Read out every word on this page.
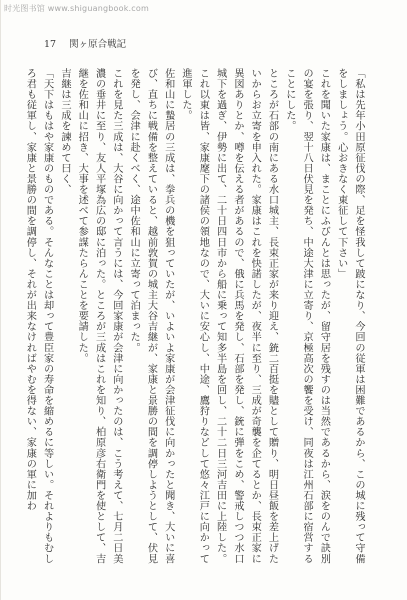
时光图书馆 www.shiguangbook.com
17 関ヶ原合戦記

「私は先年小田原征伐の際、足を怪我して跛になり、今回の従軍は困難であるから、この城に残って守備をしましょう。心おきなく東征して下さい」

これを聞いた家康は、まことにふびんとは思ったが、留守居を残すのは当然であるから、涙をのんで訣別の宴を張り、翌十八日伏見を発ち、中途大津に立寄り、京極高次の饗を受け、同夜は江州石部に宿営することにした。

ところが石部の南にある水口城主、長束正家が来り迎え、銃二百挺を贐として贈り、明日昼飯を差上げたいからお立寄を申入れた。家康はこれを快諾したが、夜半に至り、三成が奇襲を企てるとか、長束正家に異図ありとか、噂を伝える者があるので、俄に兵馬を発し、石部を発し、銃に弾をこめ、警戒しつつ水口城下を過ぎ、伊勢に出て、二十日四日市から船に乗って知多半島を回し、二十二日三河吉田に上陸した。これ以東は皆、家康麾下の諸侯の領地なので、大いに安心し、中途、鷹狩りなどして悠々江戸に向かって進軍した。

佐和山に蟄居の三成は、拳兵の機を狙っていたが、いよいよ家康が会津征伐に向かったと聞き、大いに喜び、直ちに戦備を整えていると、越前敦賀の城主大谷吉継が、家康と景勝の間を調停しようとして、伏見を発し、会津に赴くべく、途中佐和山に立寄って泊まった。

これを見た三成は、大谷に向かって言うには、今回家康が会津に向かったのは、こう考えて、七月二日美濃の垂井に至り、友人平塚為広の邸に泊った。ところが三成はこれを知り、柏原彦右衛門を使として、吉継を佐和山に招き、大事を述べて参謀たらんことを要請した。

吉継は三成を諫めて曰く、

「天下はもはや家康のものである。そんなことは却って豊臣家の寿命を縮めるに等しい。それよりもむしろ君も従軍し、家康と景勝の間を調停し、それが出来なければやむを得ない、家康の軍に加わ
